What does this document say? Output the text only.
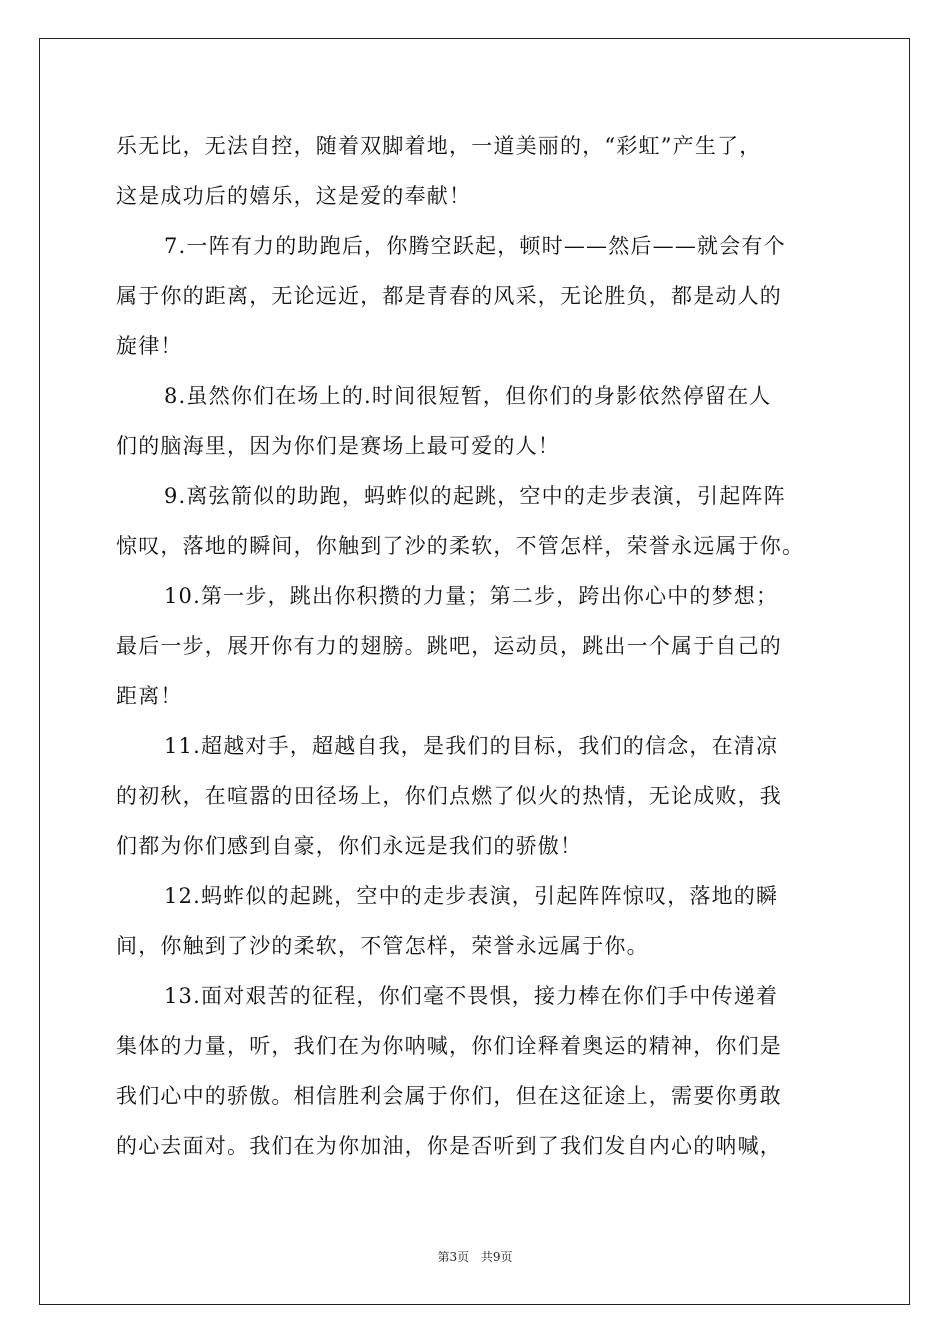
乐无比，无法自控，随着双脚着地，一道美丽的，“彩虹”产生了，
这是成功后的嬉乐，这是爱的奉献！
7.一阵有力的助跑后，你腾空跃起，顿时——然后——就会有个
属于你的距离，无论远近，都是青春的风采，无论胜负，都是动人的
旋律！
8.虽然你们在场上的.时间很短暂，但你们的身影依然停留在人
们的脑海里，因为你们是赛场上最可爱的人！
9.离弦箭似的助跑，蚂蚱似的起跳，空中的走步表演，引起阵阵
惊叹，落地的瞬间，你触到了沙的柔软，不管怎样，荣誉永远属于你。
10.第一步，跳出你积攒的力量；第二步，跨出你心中的梦想；
最后一步，展开你有力的翅膀。跳吧，运动员，跳出一个属于自己的
距离！
11.超越对手，超越自我，是我们的目标，我们的信念，在清凉
的初秋，在喧嚣的田径场上，你们点燃了似火的热情，无论成败，我
们都为你们感到自豪，你们永远是我们的骄傲！
12.蚂蚱似的起跳，空中的走步表演，引起阵阵惊叹，落地的瞬
间，你触到了沙的柔软，不管怎样，荣誉永远属于你。
13.面对艰苦的征程，你们毫不畏惧，接力棒在你们手中传递着
集体的力量，听，我们在为你呐喊，你们诠释着奥运的精神，你们是
我们心中的骄傲。相信胜利会属于你们，但在这征途上，需要你勇敢
的心去面对。我们在为你加油，你是否听到了我们发自内心的呐喊，
第3页 共9页
